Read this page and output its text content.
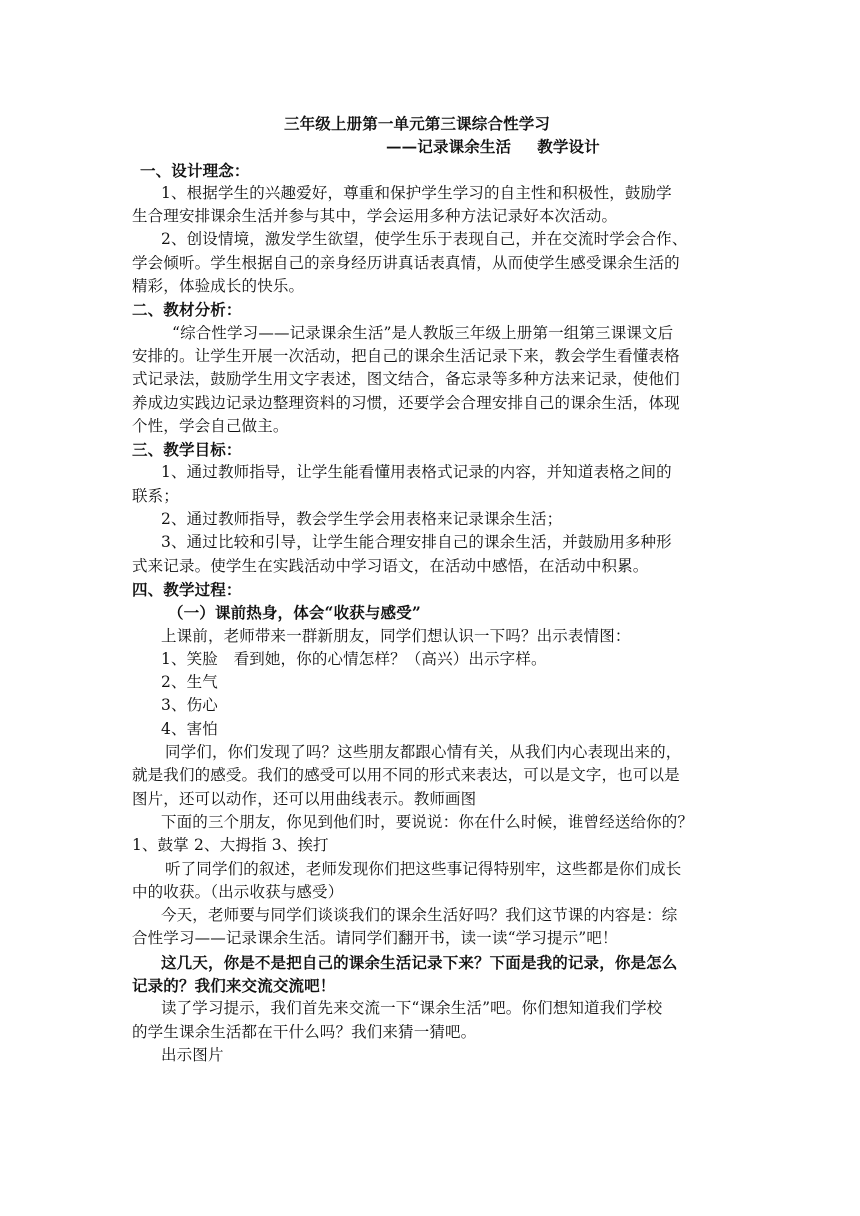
三年级上册第一单元第三课综合性学习
——记录课余生活 教学设计
一、设计理念：
1、根据学生的兴趣爱好，尊重和保护学生学习的自主性和积极性，鼓励学
生合理安排课余生活并参与其中，学会运用多种方法记录好本次活动。
2、创设情境，激发学生欲望，使学生乐于表现自己，并在交流时学会合作、
学会倾听。学生根据自己的亲身经历讲真话表真情，从而使学生感受课余生活的
精彩，体验成长的快乐。
二、教材分析：
“综合性学习——记录课余生活”是人教版三年级上册第一组第三课课文后
安排的。让学生开展一次活动，把自己的课余生活记录下来，教会学生看懂表格
式记录法，鼓励学生用文字表述，图文结合，备忘录等多种方法来记录，使他们
养成边实践边记录边整理资料的习惯，还要学会合理安排自己的课余生活，体现
个性，学会自己做主。
三、教学目标：
1、通过教师指导，让学生能看懂用表格式记录的内容，并知道表格之间的
联系；
2、通过教师指导，教会学生学会用表格来记录课余生活；
3、通过比较和引导，让学生能合理安排自己的课余生活，并鼓励用多种形
式来记录。使学生在实践活动中学习语文，在活动中感悟，在活动中积累。
四、教学过程：
（一）课前热身，体会“收获与感受”
上课前，老师带来一群新朋友，同学们想认识一下吗？出示表情图：
1、笑脸　看到她，你的心情怎样？（高兴）出示字样。
2、生气
3、伤心
4、害怕
同学们，你们发现了吗？这些朋友都跟心情有关，从我们内心表现出来的，
就是我们的感受。我们的感受可以用不同的形式来表达，可以是文字，也可以是
图片，还可以动作，还可以用曲线表示。教师画图
下面的三个朋友，你见到他们时，要说说：你在什么时候，谁曾经送给你的？
1、鼓掌 2、大拇指 3、挨打
听了同学们的叙述，老师发现你们把这些事记得特别牢，这些都是你们成长
中的收获。（出示收获与感受）
今天，老师要与同学们谈谈我们的课余生活好吗？我们这节课的内容是：综
合性学习——记录课余生活。请同学们翻开书，读一读“学习提示”吧！
这几天，你是不是把自己的课余生活记录下来？下面是我的记录，你是怎么
记录的？我们来交流交流吧！
读了学习提示，我们首先来交流一下“课余生活”吧。你们想知道我们学校
的学生课余生活都在干什么吗？我们来猜一猜吧。
出示图片
